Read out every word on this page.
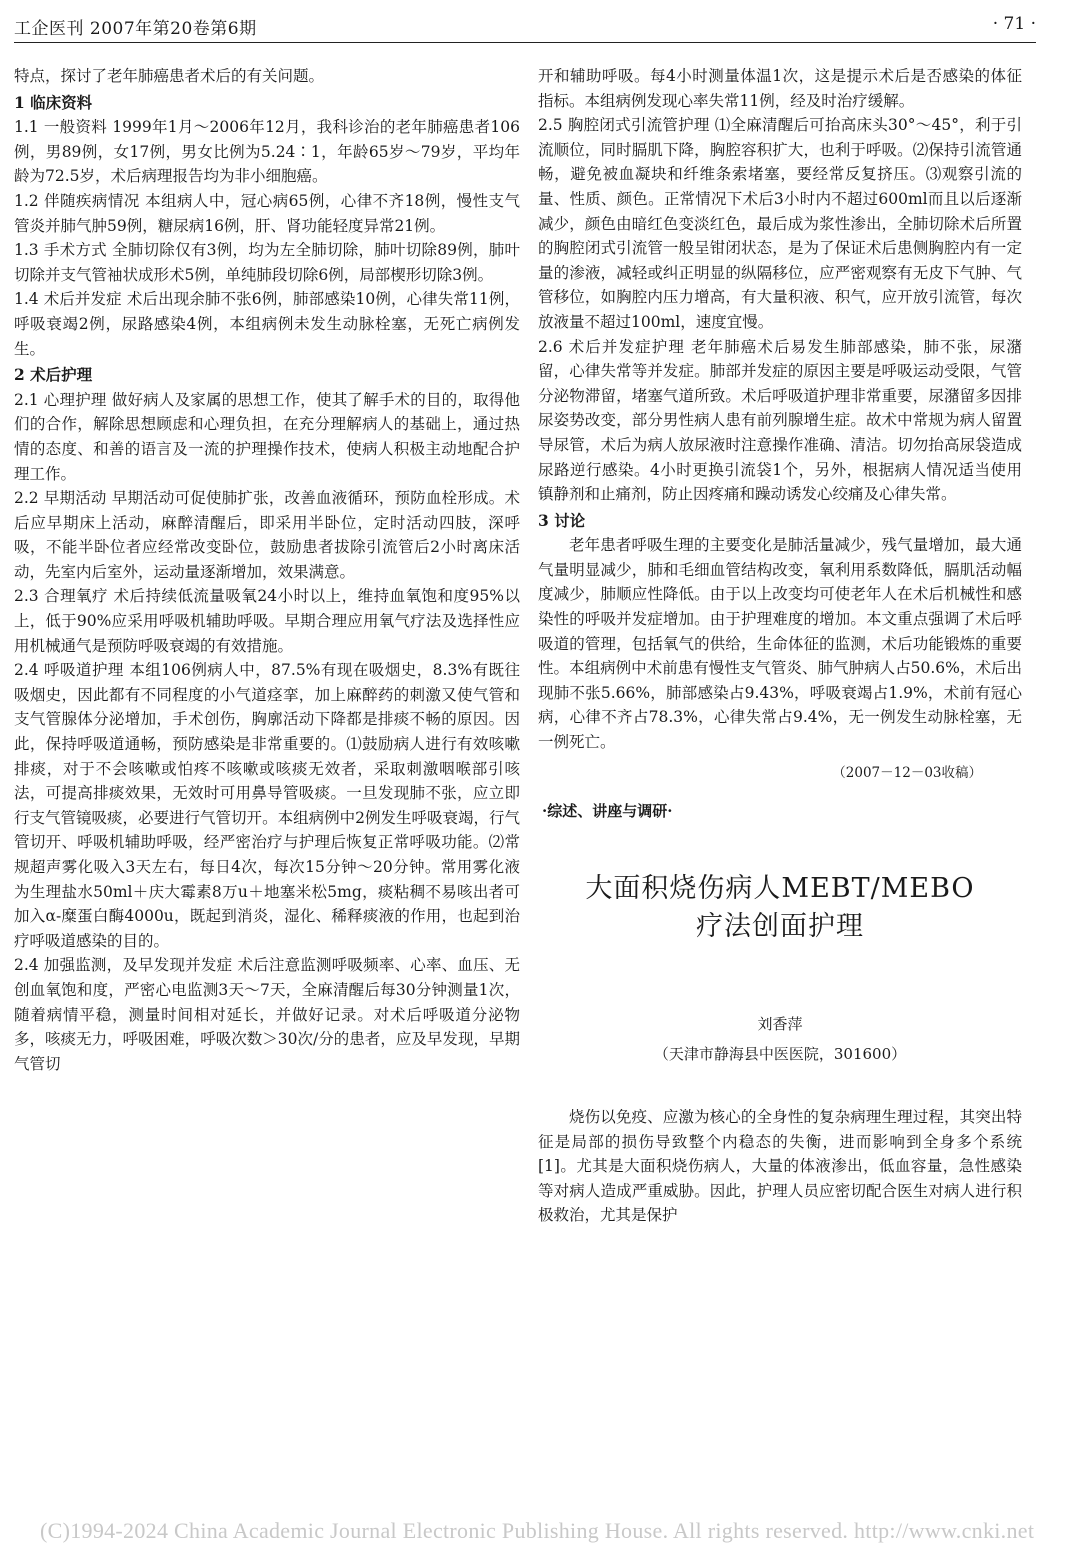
工企医刊 2007年第20卷第6期	· 71 ·

特点，探讨了老年肺癌患者术后的有关问题。

1 临床资料

1.1 一般资料 1999年1月～2006年12月，我科诊治的老年肺癌患者106例，男89例，女17例，男女比例为5.24∶1，年龄65岁～79岁，平均年龄为72.5岁，术后病理报告均为非小细胞癌。

1.2 伴随疾病情况 本组病人中，冠心病65例，心律不齐18例，慢性支气管炎并肺气肿59例，糖尿病16例，肝、肾功能轻度异常21例。

1.3 手术方式 全肺切除仅有3例，均为左全肺切除，肺叶切除89例，肺叶切除并支气管袖状成形术5例，单纯肺段切除6例，局部楔形切除3例。

1.4 术后并发症 术后出现余肺不张6例，肺部感染10例，心律失常11例，呼吸衰竭2例，尿路感染4例，本组病例未发生动脉栓塞，无死亡病例发生。

2 术后护理

2.1 心理护理 做好病人及家属的思想工作，使其了解手术的目的，取得他们的合作，解除思想顾虑和心理负担，在充分理解病人的基础上，通过热情的态度、和善的语言及一流的护理操作技术，使病人积极主动地配合护理工作。

2.2 早期活动 早期活动可促使肺扩张，改善血液循环，预防血栓形成。术后应早期床上活动，麻醉清醒后，即采用半卧位，定时活动四肢，深呼吸，不能半卧位者应经常改变卧位，鼓励患者拔除引流管后2小时离床活动，先室内后室外，运动量逐渐增加，效果满意。

2.3 合理氧疗 术后持续低流量吸氧24小时以上，维持血氧饱和度95%以上，低于90%应采用呼吸机辅助呼吸。早期合理应用氧气疗法及选择性应用机械通气是预防呼吸衰竭的有效措施。

2.4 呼吸道护理 本组106例病人中，87.5%有现在吸烟史，8.3%有既往吸烟史，因此都有不同程度的小气道痉挛，加上麻醉药的刺激又使气管和支气管腺体分泌增加，手术创伤，胸廓活动下降都是排痰不畅的原因。因此，保持呼吸道通畅，预防感染是非常重要的。⑴鼓励病人进行有效咳嗽排痰，对于不会咳嗽或怕疼不咳嗽或咳痰无效者，采取刺激咽喉部引咳法，可提高排痰效果，无效时可用鼻导管吸痰。一旦发现肺不张，应立即行支气管镜吸痰，必要进行气管切开。本组病例中2例发生呼吸衰竭，行气管切开、呼吸机辅助呼吸，经严密治疗与护理后恢复正常呼吸功能。⑵常规超声雾化吸入3天左右，每日4次，每次15分钟～20分钟。常用雾化液为生理盐水50ml＋庆大霉素8万u＋地塞米松5mg，痰粘稠不易咳出者可加入α-糜蛋白酶4000u，既起到消炎，湿化、稀释痰液的作用，也起到治疗呼吸道感染的目的。

2.4 加强监测，及早发现并发症 术后注意监测呼吸频率、心率、血压、无创血氧饱和度，严密心电监测3天～7天，全麻清醒后每30分钟测量1次，随着病情平稳，测量时间相对延长，并做好记录。对术后呼吸道分泌物多，咳痰无力，呼吸困难，呼吸次数＞30次/分的患者，应及早发现，早期气管切

开和辅助呼吸。每4小时测量体温1次，这是提示术后是否感染的体征指标。本组病例发现心率失常11例，经及时治疗缓解。

2.5 胸腔闭式引流管护理 ⑴全麻清醒后可抬高床头30°～45°，利于引流顺位，同时膈肌下降，胸腔容积扩大，也利于呼吸。⑵保持引流管通畅，避免被血凝块和纤维条索堵塞，要经常反复挤压。⑶观察引流的量、性质、颜色。正常情况下术后3小时内不超过600ml而且以后逐渐减少，颜色由暗红色变淡红色，最后成为浆性渗出，全肺切除术后所置的胸腔闭式引流管一般呈钳闭状态，是为了保证术后患侧胸腔内有一定量的渗液，减轻或纠正明显的纵隔移位，应严密观察有无皮下气肿、气管移位，如胸腔内压力增高，有大量积液、积气，应开放引流管，每次放液量不超过100ml，速度宜慢。

2.6 术后并发症护理 老年肺癌术后易发生肺部感染，肺不张，尿潴留，心律失常等并发症。肺部并发症的原因主要是呼吸运动受限，气管分泌物滞留，堵塞气道所致。术后呼吸道护理非常重要，尿潴留多因排尿姿势改变，部分男性病人患有前列腺增生症。故术中常规为病人留置导尿管，术后为病人放尿液时注意操作准确、清洁。切勿抬高尿袋造成尿路逆行感染。4小时更换引流袋1个，另外，根据病人情况适当使用镇静剂和止痛剂，防止因疼痛和躁动诱发心绞痛及心律失常。

3 讨论

老年患者呼吸生理的主要变化是肺活量减少，残气量增加，最大通气量明显减少，肺和毛细血管结构改变，氧利用系数降低，膈肌活动幅度减少，肺顺应性降低。由于以上改变均可使老年人在术后机械性和感染性的呼吸并发症增加。由于护理难度的增加。本文重点强调了术后呼吸道的管理，包括氧气的供给，生命体征的监测，术后功能锻炼的重要性。本组病例中术前患有慢性支气管炎、肺气肿病人占50.6%，术后出现肺不张5.66%，肺部感染占9.43%，呼吸衰竭占1.9%，术前有冠心病，心律不齐占78.3%，心律失常占9.4%，无一例发生动脉栓塞，无一例死亡。

（2007－12－03收稿）
·综述、讲座与调研·
大面积烧伤病人MEBT/MEBO
疗法创面护理
刘香萍
（天津市静海县中医医院，301600）

烧伤以免疫、应激为核心的全身性的复杂病理生理过程，其突出特征是局部的损伤导致整个内稳态的失衡，进而影响到全身多个系统[1]。尤其是大面积烧伤病人，大量的体液渗出，低血容量，急性感染等对病人造成严重威胁。因此，护理人员应密切配合医生对病人进行积极救治，尤其是保护

(C)1994-2024 China Academic Journal Electronic Publishing House. All rights reserved. http://www.cnki.net
